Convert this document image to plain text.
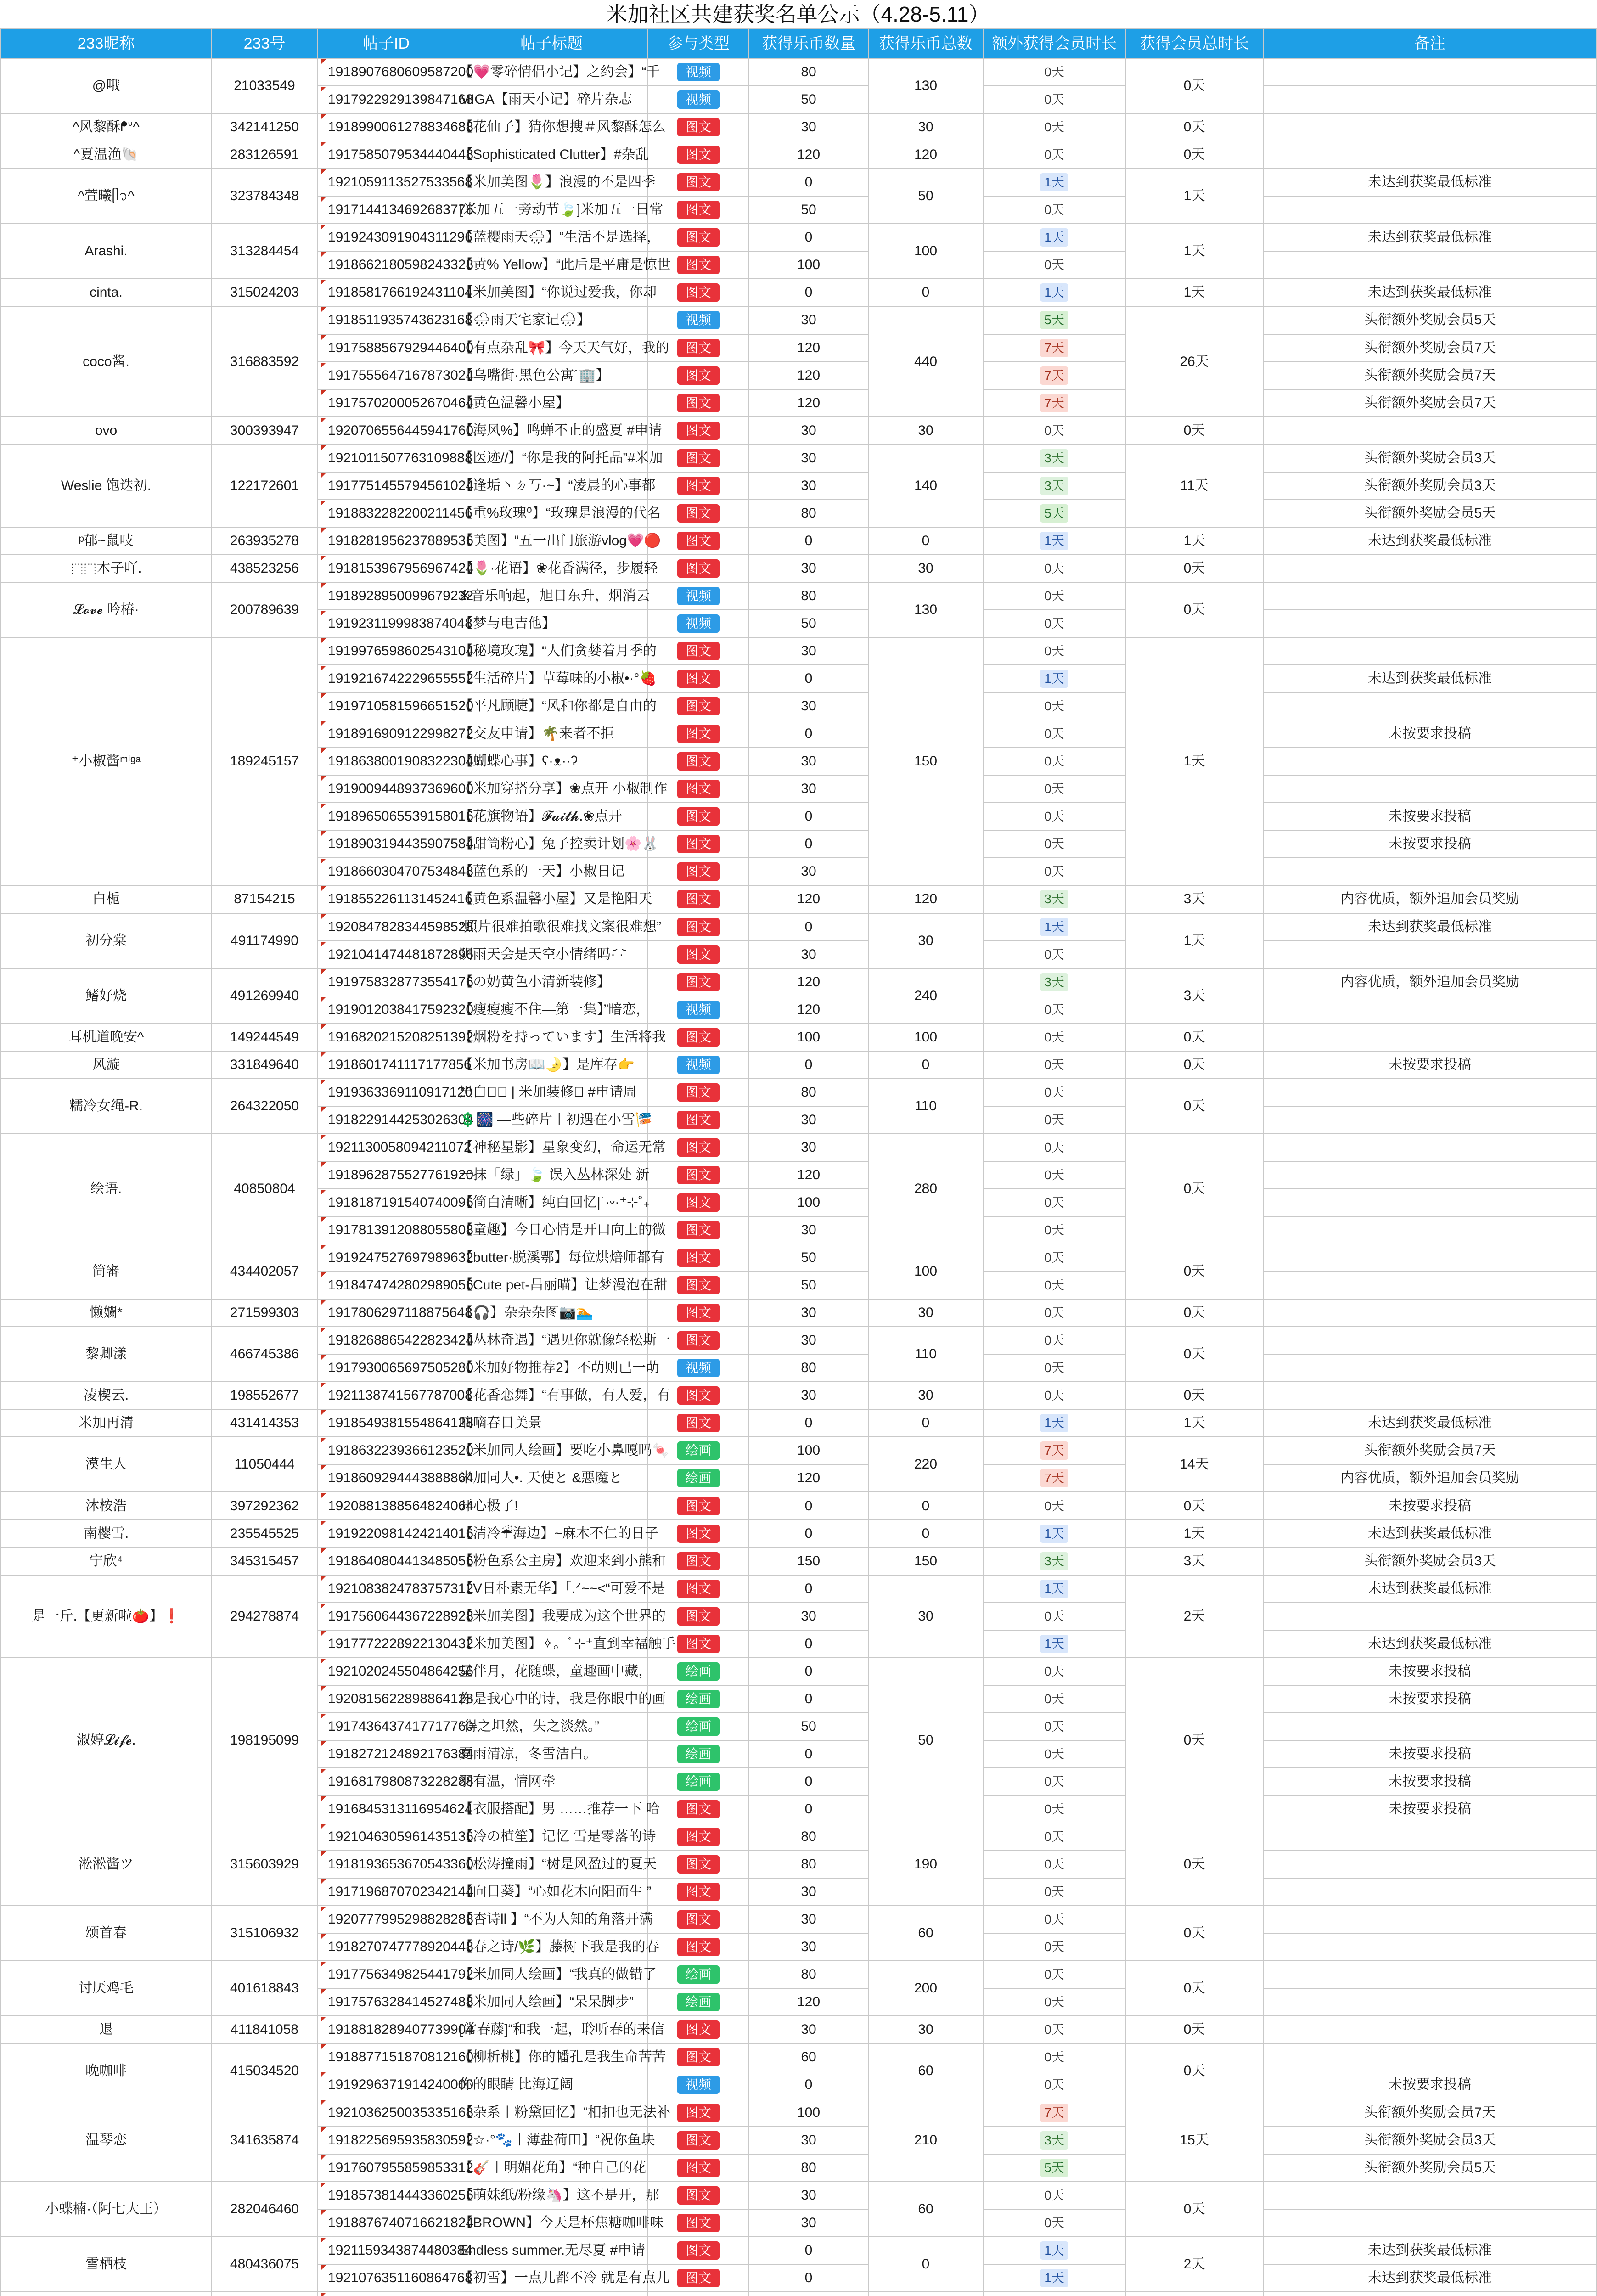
米加社区共建获奖名单公示（4.28-5.11）
233昵称	233号	帖子ID	帖子标题	参与类型	获得乐币数量	获得乐币总数	额外获得会员时长	获得会员总时长	备注
@哦	21033549	1918907680609587200	【💗零碎情侣小记】之约会】“千	视频	80	130	0天	0天	
		1917922929139847168	MIGA【雨天小记】碎片杂志	视频	50		0天		
^风黎酥ᖰᐡ^	342141250	1918990061278834688	【花仙子】猜你想搜＃风黎酥怎么	图文	30	30	0天	0天	
^夏温渔🐚	283126591	1917585079534440448	【Sophisticated Clutter】#杂乱	图文	120	120	0天	0天	
^萱曦ᥫ᭡^	323784348	1921059113527533568	【米加美图🌷】浪漫的不是四季	图文	0	50	1天	1天	未达到获奖最低标准
		1917144134692683776	[米加五一旁动节🍃]米加五一日常	图文	50		0天		
Arashi.	313284454	1919243091904311296	【蓝樱雨天🌧】“生活不是选择，	图文	0	100	1天	1天	未达到获奖最低标准
		1918662180598243328	【黄% Yellow】“此后是平庸是惊世	图文	100		0天		
cinta.	315024203	1918581766192431104	【米加美图】“你说过爱我，你却	图文	0	0	1天	1天	未达到获奖最低标准
coco酱.	316883592	1918511935743623168	【🌧雨天宅家记🌧】	视频	30	440	5天	26天	头衔额外奖励会员5天
		1917588567929446400	【有点杂乱🎀】今天天气好，我的	图文	120		7天		头衔额外奖励会员7天
		1917555647167873024	【乌嘴街·黑色公寓´🏢】	图文	120		7天		头衔额外奖励会员7天
		1917570200052670464	【黄色温馨小屋】	图文	120		7天		头衔额外奖励会员7天
ovo	300393947	1920706556445941760	【海风%】鸣蝉不止的盛夏 #申请	图文	30	30	0天	0天	
Weslie 饱迭初.	122172601	1921011507763109888	【医迹//】“你是我的阿托品”#米加	图文	30	140	3天	11天	头衔额外奖励会员3天
		1917751455794561024	【逢垢丶ㄉ丂·~】“凌晨的心事都	图文	30		3天		头衔额外奖励会员3天
		1918832282200211456	【重%玫瑰⁰】“玫瑰是浪漫的代名	图文	80		5天		头衔额外奖励会员5天
ᵖ郁~鼠吱	263935278	1918281956237889536	【美图】“五一出门旅游vlog💗🔴	图文	0	0	1天	1天	未达到获奖最低标准
⬚⬚木子吖.	438523256	1918153967956967424	【🌷·花语】❀花香满径，步履轻	图文	30	30	0天	0天	
𝓛𝓸𝓿𝓮 吟椿·	200789639	1918928950099679232	※音乐响起，旭日东升，烟消云	视频	80	130	0天	0天	
		1919231199983874048	【梦与电吉他】	视频	50		0天		
⁺小椒酱ᵐⁱᵍᵃ	189245157	1919976598602543104	【秘境玫瑰】“人们贪婪着月季的	图文	30	150	0天	1天	
		1919216742229655552	【生活碎片】草莓味的小椒•·°🍓	图文	0		1天		未达到获奖最低标准
		1919710581596651520	【平凡顾睫】“风和你都是自由的	图文	30		0天		
		1918916909122998272	【交友申请】🌴来者不拒	图文	0		0天		未按要求投稿
		1918638001908322304	【蝴蝶心事】ʕ·ᴥ··ʔ	图文	30		0天		
		1919009448937369600	【米加穿搭分享】❀点开 小椒制作	图文	30		0天		
		1918965065539158016	【花旗物语】𝓕𝓪𝓲𝓽𝓱.❀点开	图文	0		0天		未按要求投稿
		1918903194435907584	【甜筒粉心】兔子控卖计划🌸🐰	图文	0		0天		未按要求投稿
		1918660304707534848	【蓝色系的一天】小椒日记	图文	30		0天		
白栀	87154215	1918552261131452416	【黄色系温馨小屋】又是艳阳天	图文	120	120	3天	3天	内容优质，额外追加会员奖励
初分棠	491174990	1920847828344598528	“照片很难拍歌很难找文案很难想”	图文	0	30	1天	1天	未达到获奖最低标准
		1921041474481872896	阴雨天会是天空小情绪吗·᷄ ·᷅	图文	30		0天		
鳍好烧	491269940	1919758328773554176	【の奶黄色小清新装修】	图文	120	240	3天	3天	内容优质，额外追加会员奖励
		1919012038417592320	【瘦瘦瘦不住—第一集】”暗恋，	视频	120		0天		
耳机道晚安^	149244549	1916820215208251392	【烟粉を持っています】生活将我	图文	100	100	0天	0天	
风漩	331849640	1918601741117177856	【米加书房📖🌛】是库存👉	视频	0	0	0天	0天	未按要求投稿
糯冷女绳-R.	264322050	1919363369110917120	黑白系🏻 | 米加装修🛏 #申请周	图文	80	110	0天	0天	
		1918229144253026304	💲🎆 —些碎片丨初遇在小雪🎏	图文	30		0天		
绘语.	40850804	1921130058094211072	【神秘星影】星象变幻，命运无常	图文	30	280	0天	0天	
		1918962875527761920	一抹「绿」🍃 误入丛林深处 新	图文	120		0天		
		1918187191540740096	【简白清晰】纯白回忆|˙·ᵕ·⁺⊹˚₊	图文	100		0天		
		1917813912088055808	【童趣】今日心情是开口向上的微	图文	30		0天		
简審	434402057	1919247527697989632	【butter·脱溪鄂】每位烘焙师都有	图文	50	100	0天	0天	
		1918474742802989056	【Cute pet-昌丽喵】让梦漫泡在甜	图文	50		0天		
懒孄*	271599303	1917806297118875648	【🎧】杂杂杂图📷🏊	图文	30	30	0天	0天	
黎卿漾	466745386	1918268865422823424	【丛林奇遇】“遇见你就像轻松斯一	图文	30	110	0天	0天	
		1917930065697505280	【米加好物推荐2】不萌则已一萌	视频	80		0天		
凌楔云.	198552677	1921138741567787008	【花香恋舞】“有事做，有人爱，有	图文	30	30	0天	0天	
米加再清	431414353	1918549381554864128	嘀嘀春日美景	图文	0	0	1天	1天	未达到获奖最低标准
漠生人	11050444	1918632239366123520	【米加同人绘画】要吃小鼻嘎吗🍬	绘画	100	220	7天	14天	头衔额外奖励会员7天
		1918609294443888864	米加同人•. 天使と &悪魔と	绘画	120		7天		内容优质，额外追加会员奖励
沐桉浩	397292362	1920881388564824064	开心极了!	图文	0	0	0天	0天	未按要求投稿
南樱雪.	235545525	1919220981424214016	【清冷☔海边】~麻木不仁的日子	图文	0	0	1天	1天	未达到获奖最低标准
宁欣⁴	345315457	1918640804413485056	【粉色系公主房】欢迎来到小熊和	图文	150	150	3天	3天	头衔额外奖励会员3天
是一斤.【更新啦🍅】❗	294278874	1921083824783757312	【V日朴素无华】「.ᐟ~~<“可爱不是	图文	0	30	1天	2天	未达到获奖最低标准
		1917560644367228928	【米加美图】我要成为这个世界的	图文	30		0天		
		1917772228922130432	【米加美图】✧。ﾞ⊹⁺直到幸福触手	图文	0		1天		未达到获奖最低标准
淑婷𝓛𝓲𝓯𝓮.	198195099	1921020245504864256	星伴月，花随蝶，童趣画中藏，	绘画	0	50	0天	0天	未按要求投稿
		1920815622898864128	你是我心中的诗，我是你眼中的画	绘画	0		0天		未按要求投稿
		1917436437417717760	“得之坦然，失之淡然。”	绘画	50		0天		
		1918272124892176384	夏雨清凉，冬雪洁白。	绘画	0		0天		未按要求投稿
		1916817980873228288	羽有温，情网牵	绘画	0		0天		未按要求投稿
		1916845313116954624	【衣服搭配】男 ……推荐一下 哈	图文	0		0天		未按要求投稿
淞淞酱ツ	315603929	1921046305961435136	【冷の植笙】记忆 雪是零落的诗	图文	80	190	0天	0天	
		1918193653670543360	【松涛撞雨】“树是风盈过的夏天	图文	80		0天		
		1917196870702342144	【向日葵】“心如花木向阳而生 ”	图文	30		0天		
颂首春	315106932	1920777995298828288	【杏诗ll 】“不为人知的角落开满	图文	30	60	0天	0天	
		1918270747778920448	【春之诗/🌿】藤树下我是我的春	图文	30		0天		
讨厌鸡毛	401618843	1917756349825441792	【米加同人绘画】“我真的做错了	绘画	80	200	0天	0天	
		1917576328414527488	【米加同人绘画】“呆呆脚步”	绘画	120		0天		
退	411841058	1918818289407739904	[常春藤]“和我一起，聆听春的来信	图文	30	30	0天	0天	
晚咖啡	415034520	1918877151870812160	【柳析桃】你的幡孔是我生命苦苦	图文	60	60	0天	0天	
		1919296371914240000	你的眼睛 比海辽阔	视频	0		0天		未按要求投稿
温琴恋	341635874	1921036250035335168	【杂系丨粉黛回忆】“相扣也无法补	图文	100	210	7天	15天	头衔额外奖励会员7天
		1918225695935830592	【☆·°🐾丨薄盐荷田】“祝你鱼块	图文	30		3天		头衔额外奖励会员3天
		1917607955859853312	【🎸丨明媚花角】“种自己的花	图文	80		5天		头衔额外奖励会员5天
小蝶楠·（阿七大王）	282046460	1918573814443360256	【萌妹纸/粉缘🦄】这不是开，那	图文	30	60	0天	0天	
		1918876740716621824	【BROWN】今天是杯焦糖咖啡味	图文	30		0天		
雪栖枝	480436075	1921159343874480384	Endless summer.无尽夏 #申请	图文	0	0	1天	2天	未达到获奖最低标准
		1921076351160864768	【初雪】一点儿都不冷 就是有点儿	图文	0		1天		未达到获奖最低标准
